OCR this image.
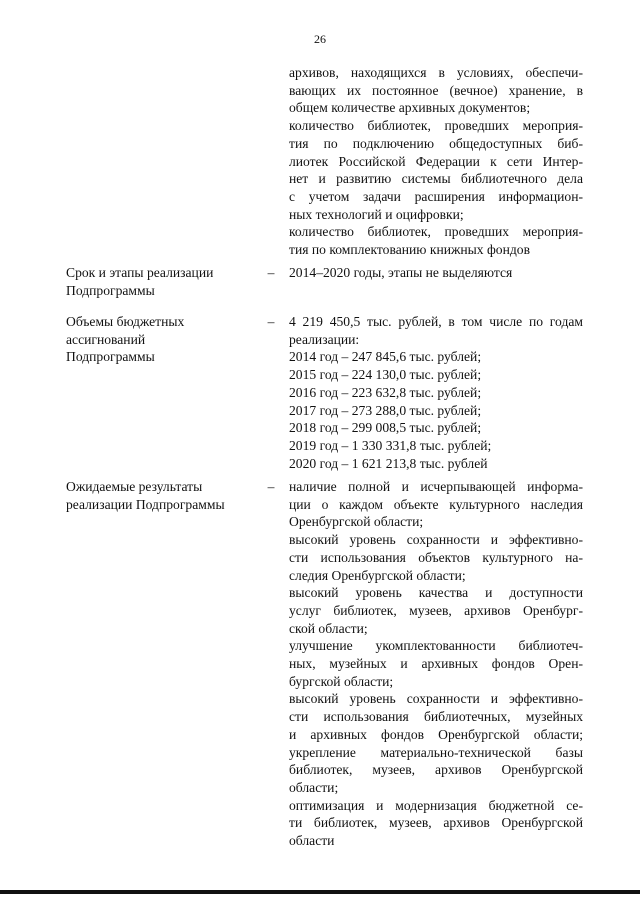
26
архивов, находящихся в условиях, обеспечи-
вающих их постоянное (вечное) хранение, в
общем количестве архивных документов;
количество библиотек, проведших мероприя-
тия по подключению общедоступных биб-
лиотек Российской Федерации к сети Интер-
нет и развитию системы библиотечного дела
с учетом задачи расширения информацион-
ных технологий и оцифровки;
количество библиотек, проведших мероприя-
тия по комплектованию книжных фондов
Срок и этапы реализации
Подпрограммы
–	2014–2020 годы, этапы не выделяются
Объемы бюджетных
ассигнований
Подпрограммы
–	4 219 450,5 тыс. рублей, в том числе по годам
реализации:
2014 год – 247 845,6 тыс. рублей;
2015 год – 224 130,0 тыс. рублей;
2016 год – 223 632,8 тыс. рублей;
2017 год – 273 288,0 тыс. рублей;
2018 год – 299 008,5 тыс. рублей;
2019 год – 1 330 331,8 тыс. рублей;
2020 год – 1 621 213,8 тыс. рублей
Ожидаемые результаты
реализации Подпрограммы
–	наличие полной и исчерпывающей информа-
ции о каждом объекте культурного наследия
Оренбургской области;
высокий уровень сохранности и эффективно-
сти использования объектов культурного на-
следия Оренбургской области;
высокий уровень качества и доступности
услуг библиотек, музеев, архивов Оренбург-
ской области;
улучшение укомплектованности библиотеч-
ных, музейных и архивных фондов Орен-
бургской области;
высокий уровень сохранности и эффективно-
сти использования библиотечных, музейных
и архивных фондов Оренбургской области;
укрепление материально-технической базы
библиотек, музеев, архивов Оренбургской
области;
оптимизация и модернизация бюджетной се-
ти библиотек, музеев, архивов Оренбургской
области
